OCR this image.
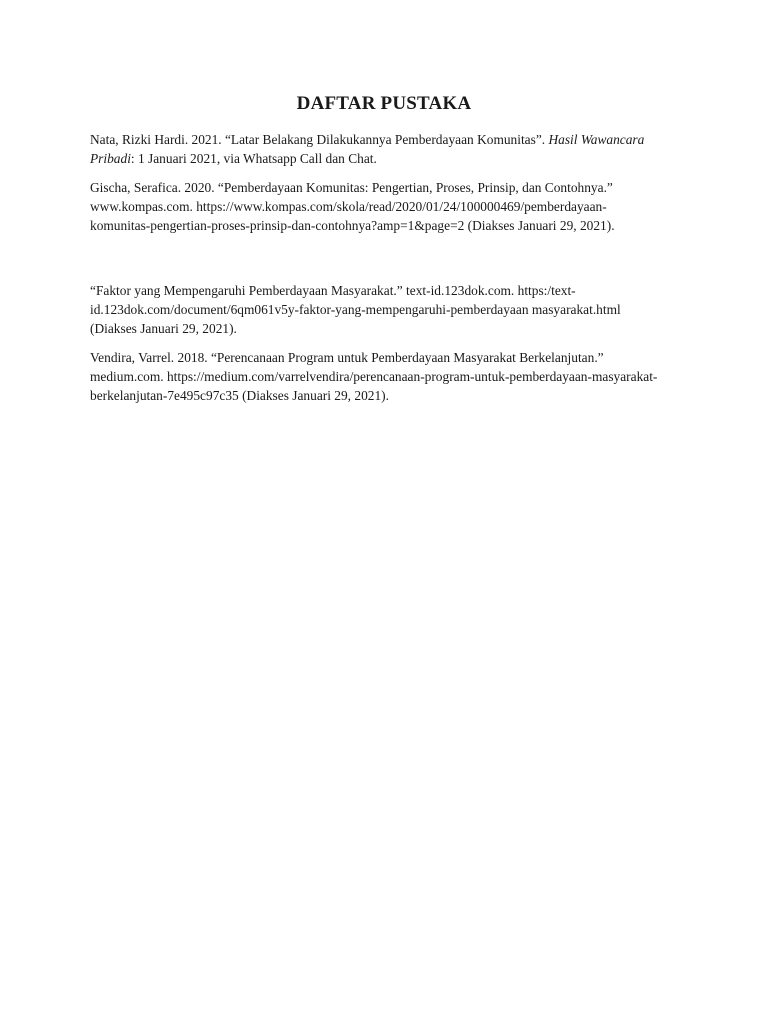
DAFTAR PUSTAKA

Nata, Rizki Hardi. 2021. “Latar Belakang Dilakukannya Pemberdayaan Komunitas”. Hasil Wawancara
Pribadi: 1 Januari 2021, via Whatsapp Call dan Chat.

Gischa, Serafica. 2020. “Pemberdayaan Komunitas: Pengertian, Proses, Prinsip, dan Contohnya.”
www.kompas.com. https://www.kompas.com/skola/read/2020/01/24/100000469/pemberdayaan-
komunitas-pengertian-proses-prinsip-dan-contohnya?amp=1&page=2 (Diakses Januari 29, 2021).

“Faktor yang Mempengaruhi Pemberdayaan Masyarakat.” text-id.123dok.com. https:/text-
id.123dok.com/document/6qm061v5y-faktor-yang-mempengaruhi-pemberdayaan masyarakat.html
(Diakses Januari 29, 2021).

Vendira, Varrel. 2018. “Perencanaan Program untuk Pemberdayaan Masyarakat Berkelanjutan.”
medium.com. https://medium.com/varrelvendira/perencanaan-program-untuk-pemberdayaan-masyarakat-
berkelanjutan-7e495c97c35 (Diakses Januari 29, 2021).
